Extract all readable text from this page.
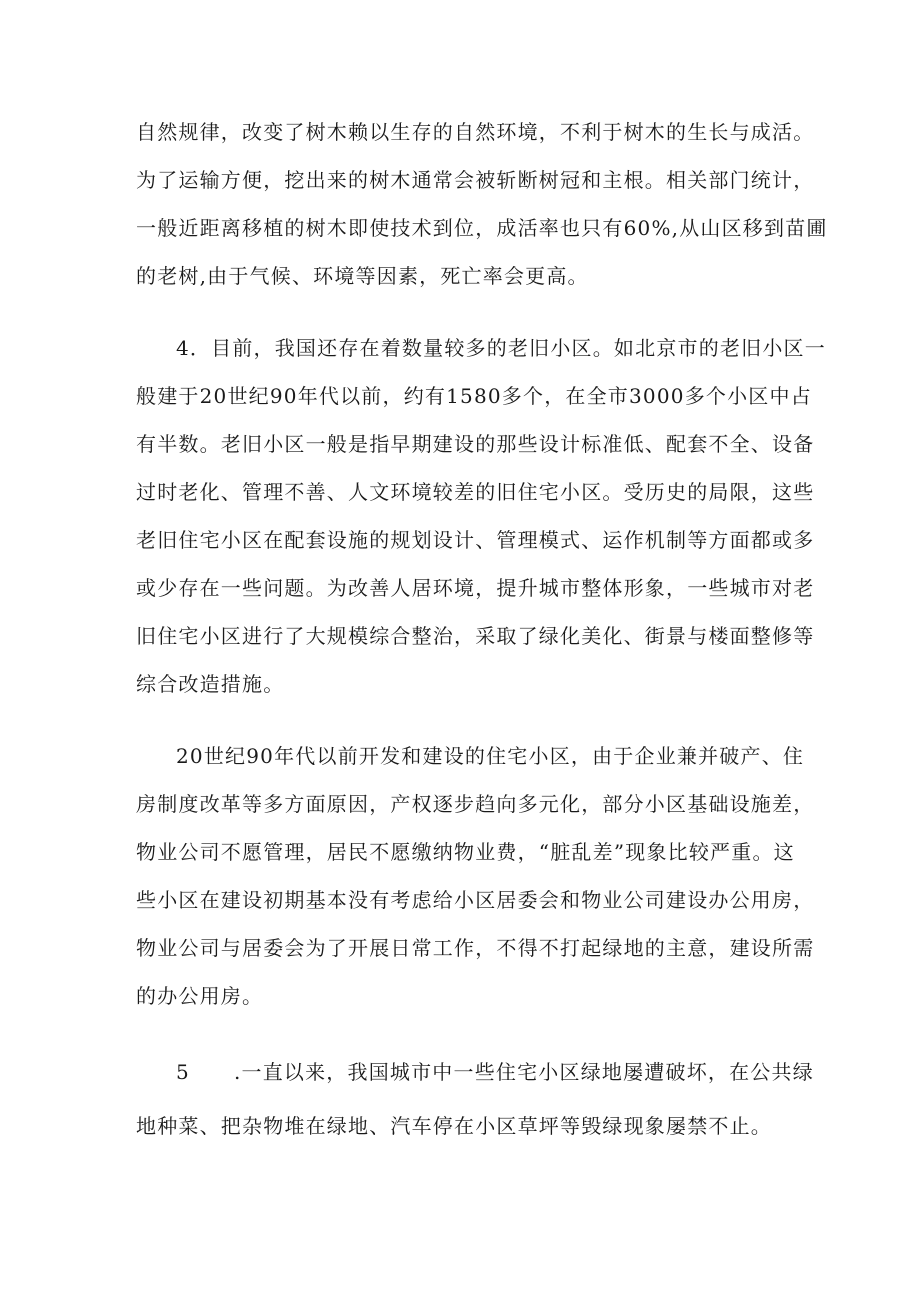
自然规律，改变了树木赖以生存的自然环境，不利于树木的生长与成活。
为了运输方便，挖出来的树木通常会被斩断树冠和主根。相关部门统计，
一般近距离移植的树木即使技术到位，成活率也只有60%,从山区移到苗圃
的老树,由于气候、环境等因素，死亡率会更高。
4．目前，我国还存在着数量较多的老旧小区。如北京市的老旧小区一
般建于20世纪90年代以前，约有1580多个，在全市3000多个小区中占
有半数。老旧小区一般是指早期建设的那些设计标准低、配套不全、设备
过时老化、管理不善、人文环境较差的旧住宅小区。受历史的局限，这些
老旧住宅小区在配套设施的规划设计、管理模式、运作机制等方面都或多
或少存在一些问题。为改善人居环境，提升城市整体形象，一些城市对老
旧住宅小区进行了大规模综合整治，采取了绿化美化、街景与楼面整修等
综合改造措施。
20世纪90年代以前开发和建设的住宅小区，由于企业兼并破产、住
房制度改革等多方面原因，产权逐步趋向多元化，部分小区基础设施差，
物业公司不愿管理，居民不愿缴纳物业费，“脏乱差”现象比较严重。这
些小区在建设初期基本没有考虑给小区居委会和物业公司建设办公用房，
物业公司与居委会为了开展日常工作，不得不打起绿地的主意，建设所需
的办公用房。
5 .一直以来，我国城市中一些住宅小区绿地屡遭破坏，在公共绿
地种菜、把杂物堆在绿地、汽车停在小区草坪等毁绿现象屡禁不止。
